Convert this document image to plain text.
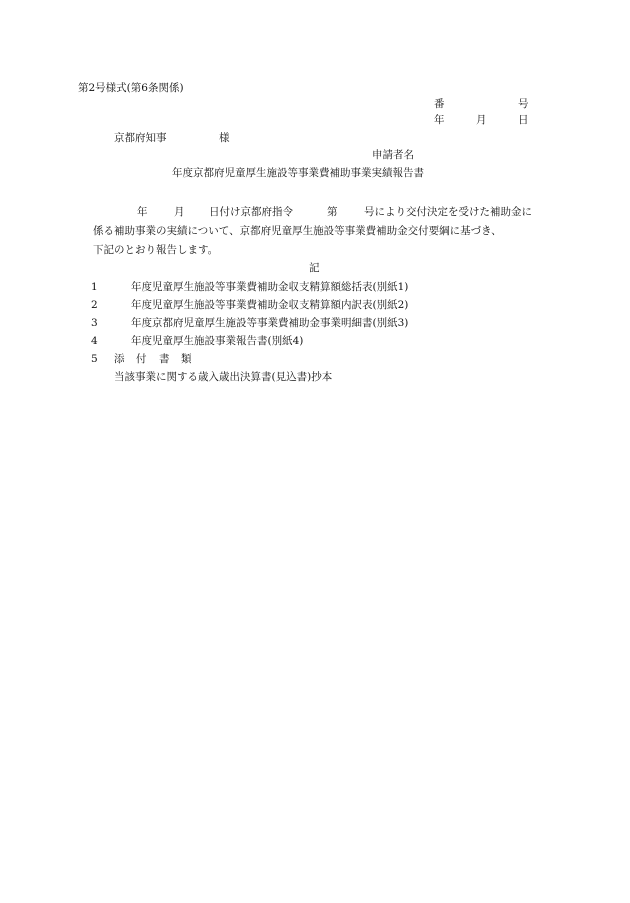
第2号様式(第6条関係)
番	号
年	月	日
京都府知事	様
申請者名
年度京都府児童厚生施設等事業費補助事業実績報告書
年	月 日付け京都府指令	第	号により交付決定を受けた補助金に
係る補助事業の実績について、京都府児童厚生施設等事業費補助金交付要綱に基づき、
下記のとおり報告します。
記
1	年度児童厚生施設等事業費補助金収支精算額総括表(別紙1)
2	年度児童厚生施設等事業費補助金収支精算額内訳表(別紙2)
3	年度京都府児童厚生施設等事業費補助金事業明細書(別紙3)
4	年度児童厚生施設事業報告書(別紙4)
5 添 付 書 類
当該事業に関する歳入歳出決算書(見込書)抄本
